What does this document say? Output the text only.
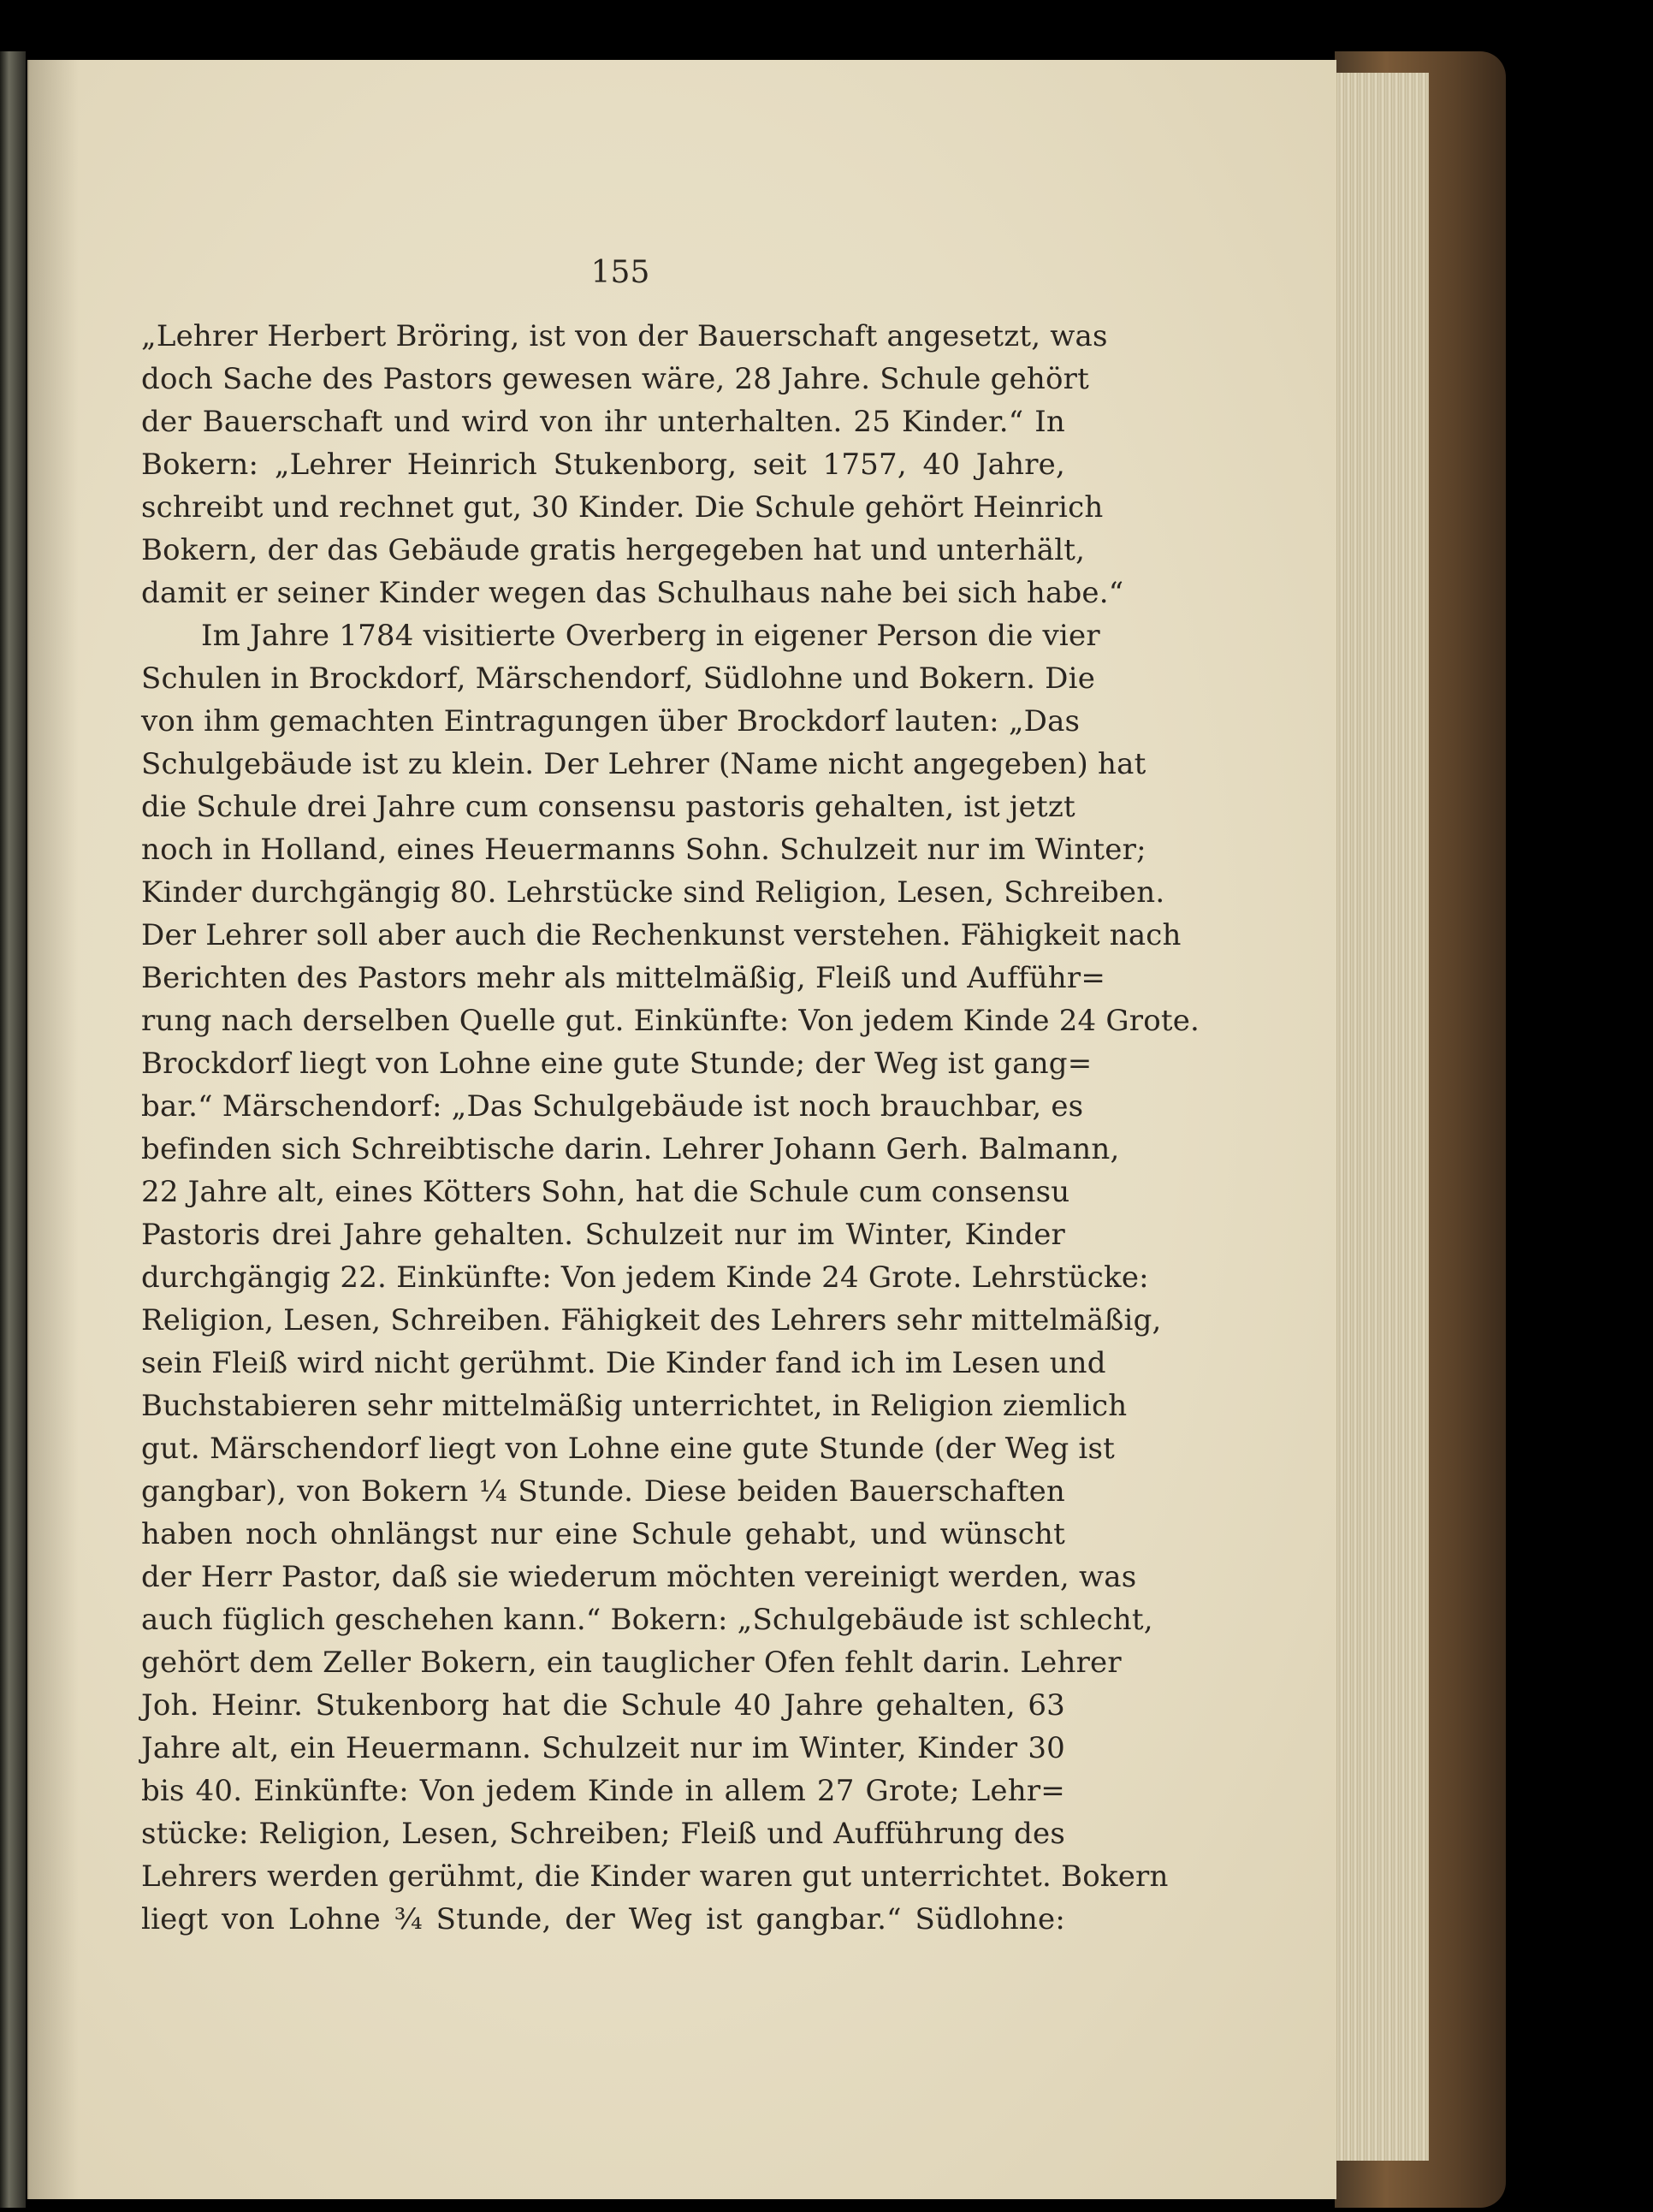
155
„Lehrer Herbert Bröring, ist von der Bauerschaft angesetzt, was
doch Sache des Pastors gewesen wäre, 28 Jahre. Schule gehört
der Bauerschaft und wird von ihr unterhalten. 25 Kinder.“ In
Bokern: „Lehrer Heinrich Stukenborg, seit 1757, 40 Jahre,
schreibt und rechnet gut, 30 Kinder. Die Schule gehört Heinrich
Bokern, der das Gebäude gratis hergegeben hat und unterhält,
damit er seiner Kinder wegen das Schulhaus nahe bei sich habe.“
Im Jahre 1784 visitierte Overberg in eigener Person die vier
Schulen in Brockdorf, Märschendorf, Südlohne und Bokern. Die
von ihm gemachten Eintragungen über Brockdorf lauten: „Das
Schulgebäude ist zu klein. Der Lehrer (Name nicht angegeben) hat
die Schule drei Jahre cum consensu pastoris gehalten, ist jetzt
noch in Holland, eines Heuermanns Sohn. Schulzeit nur im Winter;
Kinder durchgängig 80. Lehrstücke sind Religion, Lesen, Schreiben.
Der Lehrer soll aber auch die Rechenkunst verstehen. Fähigkeit nach
Berichten des Pastors mehr als mittelmäßig, Fleiß und Aufführ=
rung nach derselben Quelle gut. Einkünfte: Von jedem Kinde 24 Grote.
Brockdorf liegt von Lohne eine gute Stunde; der Weg ist gang=
bar.“ Märschendorf: „Das Schulgebäude ist noch brauchbar, es
befinden sich Schreibtische darin. Lehrer Johann Gerh. Balmann,
22 Jahre alt, eines Kötters Sohn, hat die Schule cum consensu
Pastoris drei Jahre gehalten. Schulzeit nur im Winter, Kinder
durchgängig 22. Einkünfte: Von jedem Kinde 24 Grote. Lehrstücke:
Religion, Lesen, Schreiben. Fähigkeit des Lehrers sehr mittelmäßig,
sein Fleiß wird nicht gerühmt. Die Kinder fand ich im Lesen und
Buchstabieren sehr mittelmäßig unterrichtet, in Religion ziemlich
gut. Märschendorf liegt von Lohne eine gute Stunde (der Weg ist
gangbar), von Bokern ¼ Stunde. Diese beiden Bauerschaften
haben noch ohnlängst nur eine Schule gehabt, und wünscht
der Herr Pastor, daß sie wiederum möchten vereinigt werden, was
auch füglich geschehen kann.“ Bokern: „Schulgebäude ist schlecht,
gehört dem Zeller Bokern, ein tauglicher Ofen fehlt darin. Lehrer
Joh. Heinr. Stukenborg hat die Schule 40 Jahre gehalten, 63
Jahre alt, ein Heuermann. Schulzeit nur im Winter, Kinder 30
bis 40. Einkünfte: Von jedem Kinde in allem 27 Grote; Lehr=
stücke: Religion, Lesen, Schreiben; Fleiß und Aufführung des
Lehrers werden gerühmt, die Kinder waren gut unterrichtet. Bokern
liegt von Lohne ¾ Stunde, der Weg ist gangbar.“ Südlohne:
